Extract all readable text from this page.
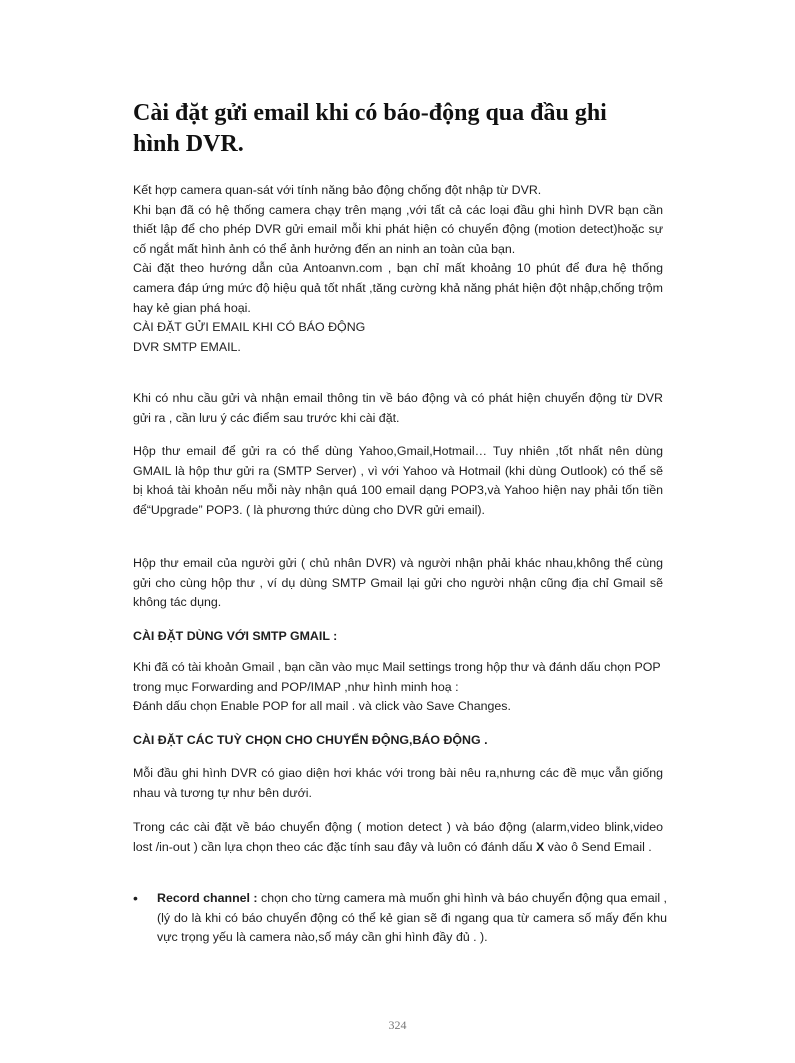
Cài đặt gửi email khi có báo-động qua đầu ghi
hình DVR.

Kết hợp camera quan-sát với tính năng bảo động chống đột nhập từ DVR.

Khi bạn đã có hệ thống camera chạy trên mạng ,với tất cả các loại đầu ghi hình DVR bạn cần thiết lập để cho phép DVR gửi email mỗi khi phát hiện có chuyển động (motion detect)hoặc sự cố ngắt mất hình ảnh có thể ảnh hưởng đến an ninh an toàn của bạn.

Cài đặt theo hướng dẫn của Antoanvn.com , bạn chỉ mất khoảng 10 phút để đưa hệ thống camera đáp ứng mức độ hiệu quả tốt nhất ,tăng cường khả năng phát hiện đột nhập,chống trộm hay kẻ gian phá hoại.

CÀI ĐẶT GỬI EMAIL KHI CÓ BÁO ĐỘNG

DVR SMTP EMAIL.

Khi có nhu cầu gửi và nhận email thông tin về báo động và có phát hiện chuyển động từ DVR gửi ra , cần lưu ý các điểm sau trước khi cài đặt.

Hộp thư email để gửi ra có thể dùng Yahoo,Gmail,Hotmail… Tuy nhiên ,tốt nhất nên dùng GMAIL là hộp thư gửi ra (SMTP Server) , vì với Yahoo và Hotmail (khi dùng Outlook) có thể sẽ bị khoá tài khoản nếu mỗi này nhận quá 100 email dạng POP3,và Yahoo hiện nay phải tốn tiền để“Upgrade” POP3. ( là phương thức dùng cho DVR gửi email).

Hộp thư email của người gửi ( chủ nhân DVR) và người nhận phải khác nhau,không thể cùng gửi cho cùng hộp thư , ví dụ dùng SMTP Gmail lại gửi cho người nhận cũng địa chỉ Gmail sẽ không tác dụng.

CÀI ĐẶT DÙNG VỚI SMTP GMAIL :

Khi đã có tài khoản Gmail , bạn cần vào mục Mail settings trong hộp thư và đánh dấu chọn POP trong mục Forwarding and POP/IMAP ,như hình minh hoạ :

Đánh dấu chọn Enable POP for all mail . và click vào Save Changes.

CÀI ĐẶT CÁC TUỲ CHỌN CHO CHUYỂN ĐỘNG,BÁO ĐỘNG .

Mỗi đầu ghi hình DVR có giao diện hơi khác với trong bài nêu ra,nhưng các đề mục vẫn giống nhau và tương tự như bên dưới.

Trong các cài đặt về báo chuyển động ( motion detect ) và báo động (alarm,video blink,video lost /in-out ) cần lựa chọn theo các đặc tính sau đây và luôn có đánh dấu X vào ô Send Email .

• Record channel : chọn cho từng camera mà muốn ghi hình và báo chuyển động qua email , (lý do là khi có báo chuyển động có thể kẻ gian sẽ đi ngang qua từ camera số mấy đến khu vực trọng yếu là camera nào,số máy cần ghi hình đầy đủ . ).
324
